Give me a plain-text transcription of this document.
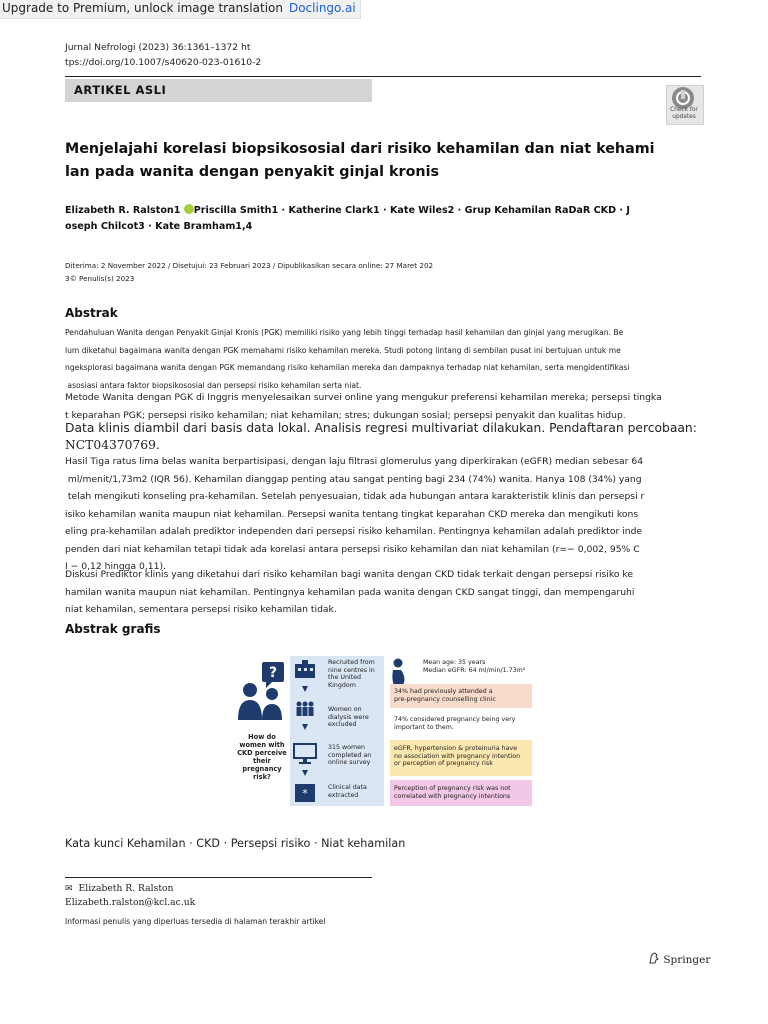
Upgrade to Premium, unlock image translation Doclingo.ai
Jurnal Nefrologi (2023) 36:1361–1372 ht
tps://doi.org/10.1007/s40620-023-01610-2
ARTIKEL ASLI
Check for
updates
Menjelajahi korelasi biopsikososial dari risiko kehamilan dan niat kehami
lan pada wanita dengan penyakit ginjal kronis
Elizabeth R. Ralston1 Priscilla Smith1 · Katherine Clark1 · Kate Wiles2 · Grup Kehamilan RaDaR CKD · J
oseph Chilcot3 · Kate Bramham1,4
Diterima: 2 November 2022 / Disetujui: 23 Februari 2023 / Dipublikasikan secara online: 27 Maret 202
3© Penulis(s) 2023
Abstrak
Pendahuluan Wanita dengan Penyakit Ginjal Kronis (PGK) memiliki risiko yang lebih tinggi terhadap hasil kehamilan dan ginjal yang merugikan. Be
lum diketahui bagaimana wanita dengan PGK memahami risiko kehamilan mereka. Studi potong lintang di sembilan pusat ini bertujuan untuk me
ngeksplorasi bagaimana wanita dengan PGK memandang risiko kehamilan mereka dan dampaknya terhadap niat kehamilan, serta mengidentifikasi
asosiasi antara faktor biopsikososial dan persepsi risiko kehamilan serta niat.
Metode Wanita dengan PGK di Inggris menyelesaikan survei online yang mengukur preferensi kehamilan mereka; persepsi tingka
t keparahan PGK; persepsi risiko kehamilan; niat kehamilan; stres; dukungan sosial; persepsi penyakit dan kualitas hidup.
Data klinis diambil dari basis data lokal. Analisis regresi multivariat dilakukan. Pendaftaran percobaan:
NCT04370769.
Hasil Tiga ratus lima belas wanita berpartisipasi, dengan laju filtrasi glomerulus yang diperkirakan (eGFR) median sebesar 64
ml/menit/1,73m2 (IQR 56). Kehamilan dianggap penting atau sangat penting bagi 234 (74%) wanita. Hanya 108 (34%) yang
telah mengikuti konseling pra-kehamilan. Setelah penyesuaian, tidak ada hubungan antara karakteristik klinis dan persepsi r
isiko kehamilan wanita maupun niat kehamilan. Persepsi wanita tentang tingkat keparahan CKD mereka dan mengikuti kons
eling pra-kehamilan adalah prediktor independen dari persepsi risiko kehamilan. Pentingnya kehamilan adalah prediktor inde
penden dari niat kehamilan tetapi tidak ada korelasi antara persepsi risiko kehamilan dan niat kehamilan (r=− 0,002, 95% C
I − 0,12 hingga 0,11).
Diskusi Prediktor klinis yang diketahui dari risiko kehamilan bagi wanita dengan CKD tidak terkait dengan persepsi risiko ke
hamilan wanita maupun niat kehamilan. Pentingnya kehamilan pada wanita dengan CKD sangat tinggi, dan mempengaruhi
niat kehamilan, sementara persepsi risiko kehamilan tidak.
Abstrak grafis
?
How do
women with
CKD perceive
their
pregnancy
risk?
*
Recruited from
nine centres in
the United
Kingdom
Women on
dialysis were
excluded
315 women
completed an
online survey
Clinical data
extracted
Mean age: 35 years
Median eGFR: 64 ml/min/1.73m²
34% had previously attended a
pre-pregnancy counselling clinic
74% considered pregnancy being very
important to them.
eGFR, hypertension & proteinuria have
no association with pregnancy intention
or perception of pregnancy risk
Perception of pregnancy risk was not
correlated with pregnancy intentions
Kata kunci Kehamilan · CKD · Persepsi risiko · Niat kehamilan
✉ Elizabeth R. Ralston
Elizabeth.ralston@kcl.ac.uk
Informasi penulis yang diperluas tersedia di halaman terakhir artikel
Springer
